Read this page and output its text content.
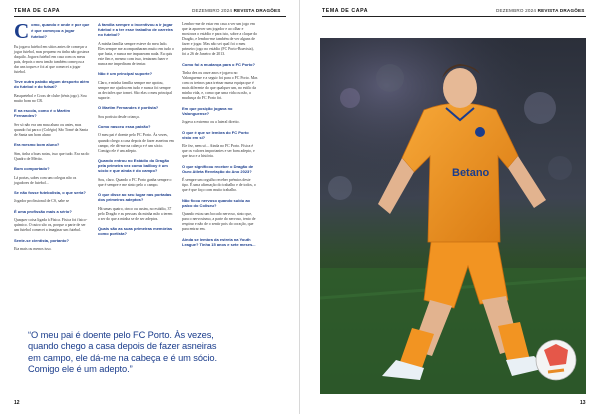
TEMA DE CAPA	DEZEMBRO 2024 REVISTA DRAGÕES

Como, quando e onde e por que é que começou a jogar futebol?

Eu jogava futebol em sítios antes de começar a jogar futebol, mas pequeno eu tinha não gostava daquilo. Jogava futebol em casa com os meus pais, depois o meu irmão também começou a dar uns toques e foi aí que comecei a jogar futebol.

Teve outra paixão algum desporto além do futebol e do futsal?

Basquetebol e Cross de clube (ténis jogo). Sou muito bom no CR.

E na escola, como é o Martim Fernandes?

Ser só não era um mau aluno ou antes, mas quando fui para o (Colégio) São Tomé da Santa de Santa um bom aluno

Era mesmo bom aluno?

Sim, tinha a boas notas, isso que tudo. Era na do Quadro de Mérito.

Bom comportado?

Lá portas, sabes com um colegas não os jogadores de futebol...

Se não fosse futebolista, o que seria?

Jogador profissional de CS, sabe se

É uma profissão mais a sério?

Quaquer coisa ligada à Física. Física foi físico-químico. O outro são os, porque a parte de ser um futebol comecei a imaginar um futebol.

Sente-se cientista, portanto?

Eia mais ou menos isso.

A família sempre o incentivou a ir jogar futebol e a ter esse trabalho de carreira no futebol?

A minha família sempre esteve do meu lado. Eles sempre me acompanharam muito em tudo o que fazia, e nunca me impuseram nada. Eu quis este fim e, mesmo com isso, tentaram fazer e nunca me impediram de tentar.

Não é um principal suporte?

Claro, e minha família sempre me apoiou, sempre me ajudou em tudo e nunca foi sempre as decisões que tomei. São elas o meu principal suporte.

O Martim Fernandes é portista?

Sou portista desde criança.

Como nasceu essa paixão?

O meu pai é doente pelo FC Porto. Às vezes, quando chego a casa depois de fazer asneiras em campo, ele dá-me na cabeça e é um sócio. Comigo ele é um adepto.

Quando entrou no Estádio do Dragão pela primeira vez como ballboy é um sócio e que ainda é do campo?

Sou, claro. Quando o FC Porto ganha sempre o que é sempre e me sinto pelo o campo.

O que disse ao seu lugar nas portadas dos primeiros adeptos?

Há umas quatro, cinco ou assim, no estádio, 37 pelo Dragão e as pessoas da minha mão a terem a ser do que a minha se de ser adeptos.

Quais são as suas primeiras memórias como portista?

Lembro-me de estar em casa a ver um jogo em que ia aparecer um jogador e ao olhar e mostrava o estádio e para isto, sobre a claque do Dragão, e lembro-me também de ver alguns de fazer e jogar. Mas não sei qual foi o meu primeiro jogo no estádio (FC Porto-Boavista), foi a 26 de Janeiro de 2013.

Como foi a mudança para o FC Porto?

Tinha dez ou onze anos e jogava no Valonguense e a seguir foi para o FC Porto. Mas com os treinos para treinar numa equipa que é mais diferente do que qualquer um, no estilo da minha vida, e, como que uma vida ou não, a mudança do FC Porto foi.

Em que posição jogava no Valonguense?

Jogava a extremo ou a lateral direito.

O que é que se lembra do FC Porto visto em si?

Ele fez, nem só... Ainda no FC Porto. Física é que os valores importantes e ser bom adepto, e que isso e a história.

O que significou receber o Dragão de Ouro Atleta Revelação do Ano 2023?

É sempre um orgulho receber prémios deste tipo. É uma afirmação do trabalho e de todos, o que é que faço com muito trabalho.

Não ficou nervoso quando subiu ao palco do Coliseu?

Quando estou um bocado nervoso, sinto que, para o nervosismo, a parte do nervoso, tento de respirar e não de o sentir pois do coração, que para entrar em.

Ainda se lembra da estreia na Youth League? Tinha 15 anos e sete meses...

“O meu pai é doente pelo FC Porto. Às vezes, quando chego a casa depois de fazer asneiras em campo, ele dá-me na cabeça e é um sócio. Comigo ele é um adepto.”
12
TEMA DE CAPA	DEZEMBRO 2024 REVISTA DRAGÕES
13
Betano
